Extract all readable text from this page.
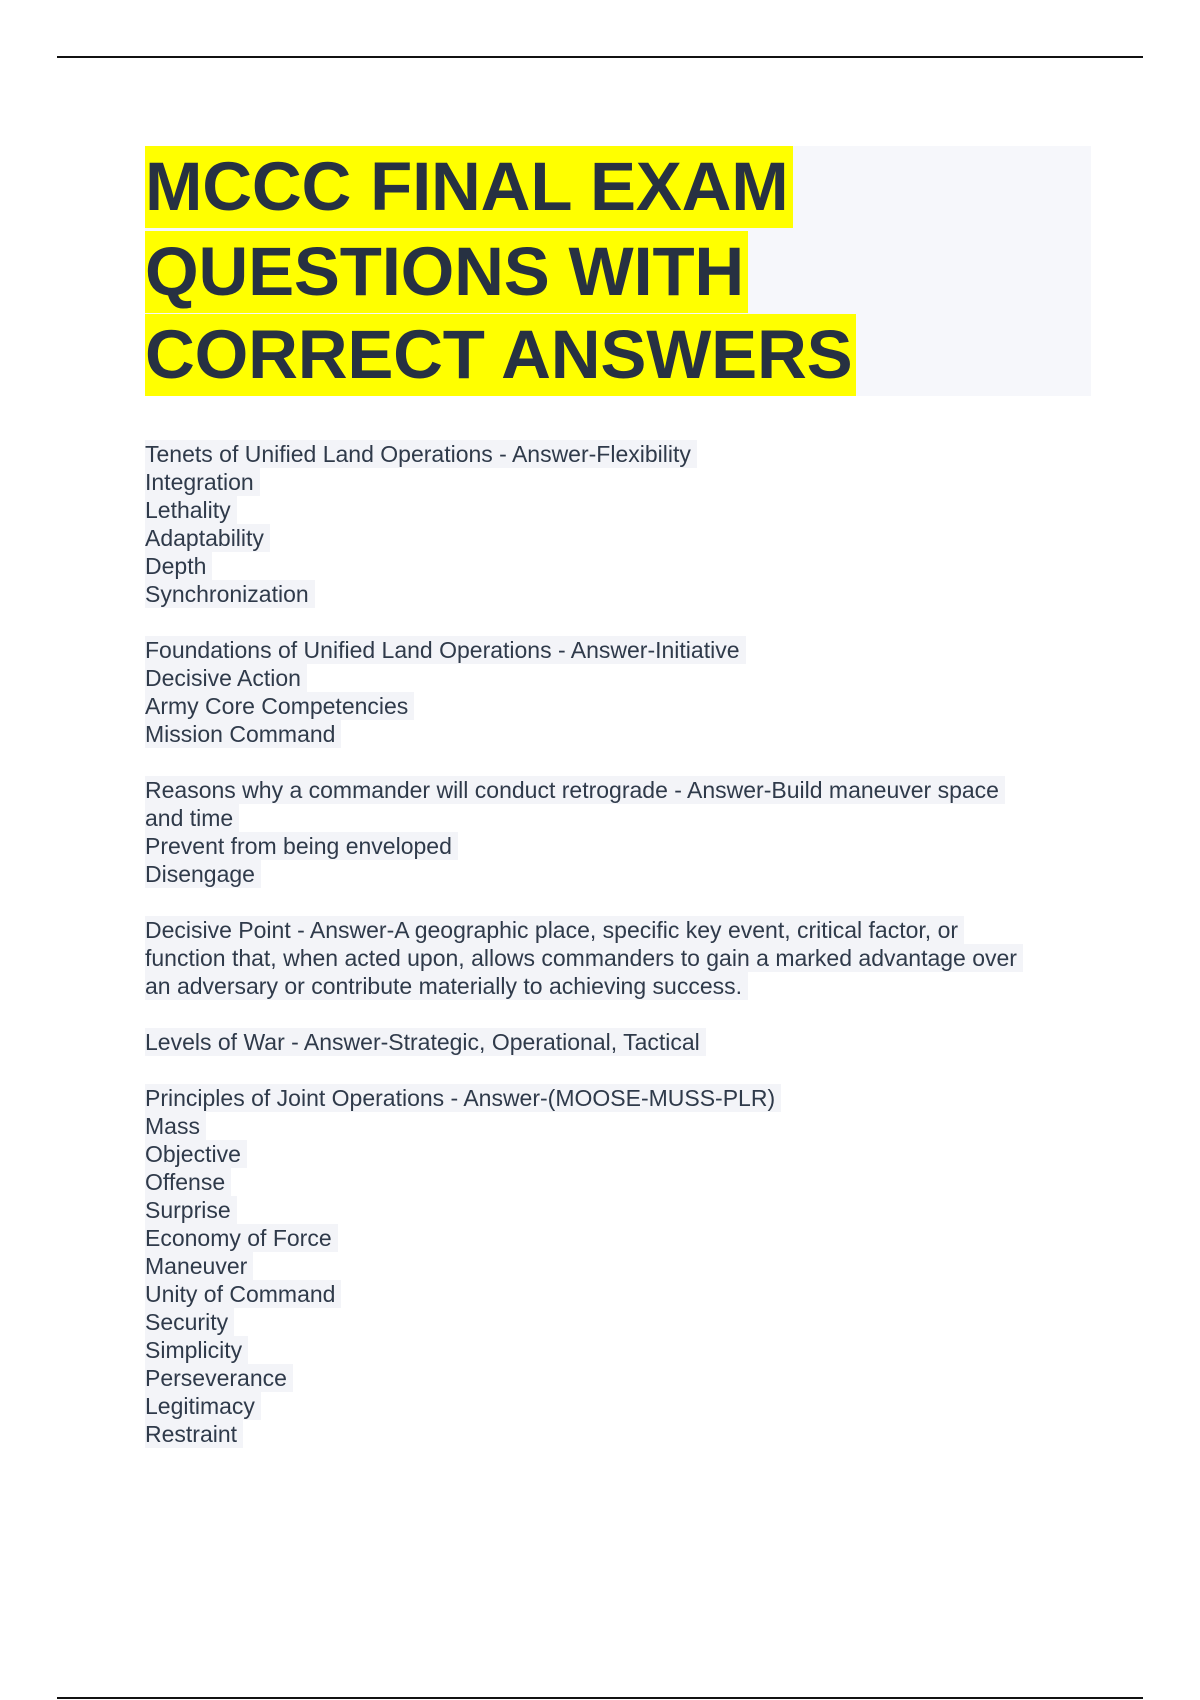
MCCC FINAL EXAM
QUESTIONS WITH
CORRECT ANSWERS
Tenets of Unified Land Operations - Answer-Flexibility
Integration
Lethality
Adaptability
Depth
Synchronization
Foundations of Unified Land Operations - Answer-Initiative
Decisive Action
Army Core Competencies
Mission Command
Reasons why a commander will conduct retrograde - Answer-Build maneuver space
and time
Prevent from being enveloped
Disengage
Decisive Point - Answer-A geographic place, specific key event, critical factor, or
function that, when acted upon, allows commanders to gain a marked advantage over
an adversary or contribute materially to achieving success.
Levels of War - Answer-Strategic, Operational, Tactical
Principles of Joint Operations - Answer-(MOOSE-MUSS-PLR)
Mass
Objective
Offense
Surprise
Economy of Force
Maneuver
Unity of Command
Security
Simplicity
Perseverance
Legitimacy
Restraint
